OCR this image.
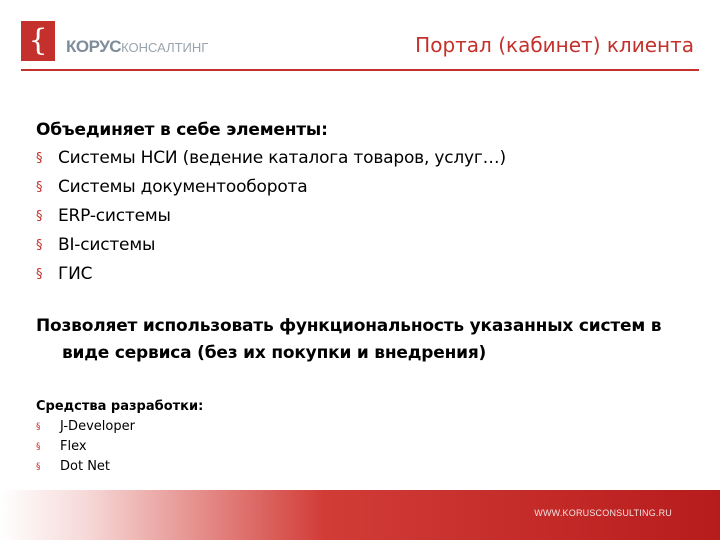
{ КОРУСКОНСАЛТИНГ	Портал (кабинет) клиента
Объединяет в себе элементы:
§ Системы НСИ (ведение каталога товаров, услуг…)
§ Системы документооборота
§ ERP-системы
§ BI-системы
§ ГИС
Позволяет использовать функциональность указанных систем в виде сервиса (без их покупки и внедрения)
Средства разработки:
§	J-Developer
§	Flex
§	Dot Net
WWW.KORUSCONSULTING.RU
